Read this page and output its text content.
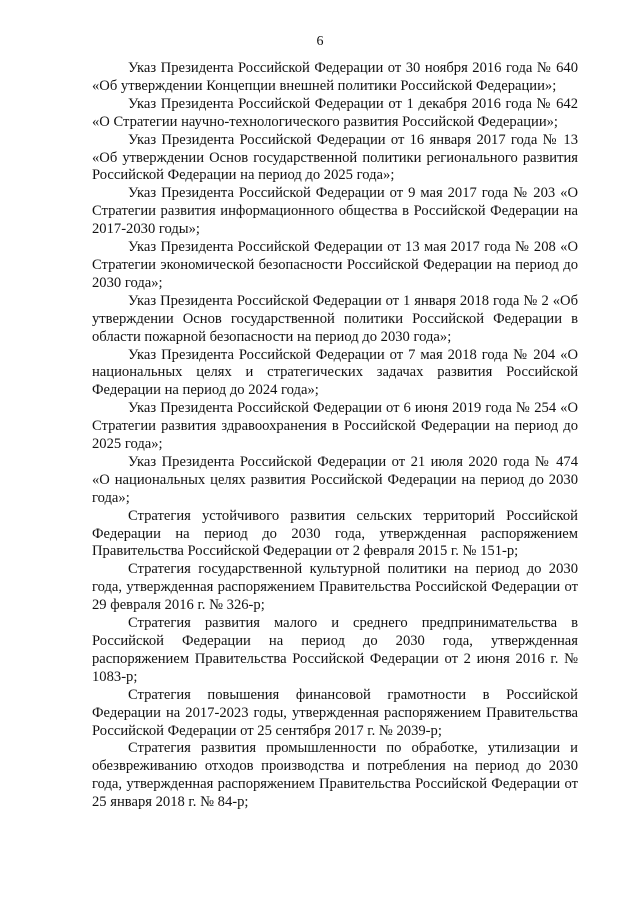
6

Указ Президента Российской Федерации от 30 ноября 2016 года № 640 «Об утверждении Концепции внешней политики Российской Федерации»;

Указ Президента Российской Федерации от 1 декабря 2016 года № 642 «О Стратегии научно-технологического развития Российской Федерации»;

Указ Президента Российской Федерации от 16 января 2017 года № 13 «Об утверждении Основ государственной политики регионального развития Российской Федерации на период до 2025 года»;

Указ Президента Российской Федерации от 9 мая 2017 года № 203 «О Стратегии развития информационного общества в Российской Федерации на 2017-2030 годы»;

Указ Президента Российской Федерации от 13 мая 2017 года № 208 «О Стратегии экономической безопасности Российской Федерации на период до 2030 года»;

Указ Президента Российской Федерации от 1 января 2018 года № 2 «Об утверждении Основ государственной политики Российской Федерации в области пожарной безопасности на период до 2030 года»;

Указ Президента Российской Федерации от 7 мая 2018 года № 204 «О национальных целях и стратегических задачах развития Российской Федерации на период до 2024 года»;

Указ Президента Российской Федерации от 6 июня 2019 года № 254 «О Стратегии развития здравоохранения в Российской Федерации на период до 2025 года»;

Указ Президента Российской Федерации от 21 июля 2020 года № 474 «О национальных целях развития Российской Федерации на период до 2030 года»;

Стратегия устойчивого развития сельских территорий Российской Федерации на период до 2030 года, утвержденная распоряжением Правительства Российской Федерации от 2 февраля 2015 г. № 151-р;

Стратегия государственной культурной политики на период до 2030 года, утвержденная распоряжением Правительства Российской Федерации от 29 февраля 2016 г. № 326-р;

Стратегия развития малого и среднего предпринимательства в Российской Федерации на период до 2030 года, утвержденная распоряжением Правительства Российской Федерации от 2 июня 2016 г. № 1083-р;

Стратегия повышения финансовой грамотности в Российской Федерации на 2017-2023 годы, утвержденная распоряжением Правительства Российской Федерации от 25 сентября 2017 г. № 2039-р;

Стратегия развития промышленности по обработке, утилизации и обезвреживанию отходов производства и потребления на период до 2030 года, утвержденная распоряжением Правительства Российской Федерации от 25 января 2018 г. № 84-р;
